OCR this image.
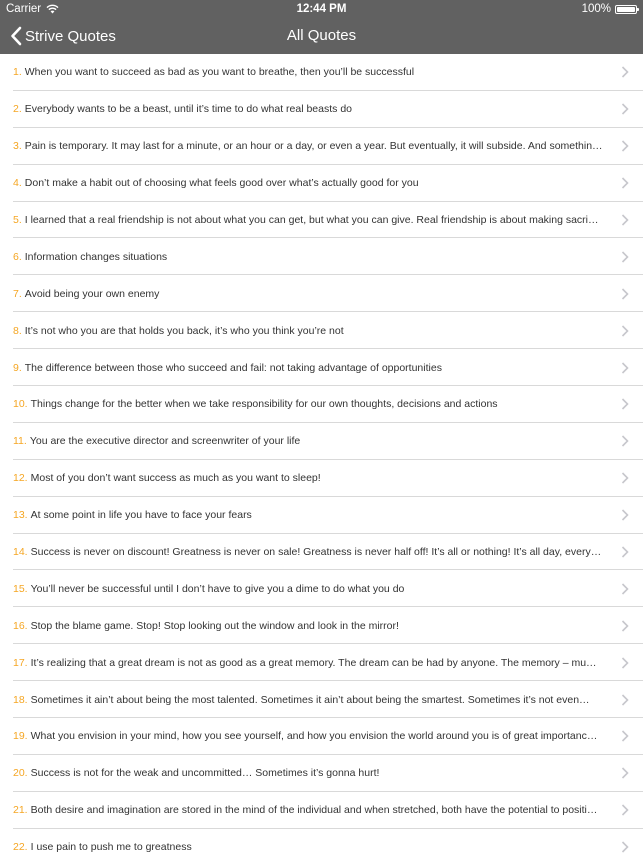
Carrier	12:44 PM	100%
Strive Quotes	All Quotes
1. When you want to succeed as bad as you want to breathe, then you’ll be successful
2. Everybody wants to be a beast, until it’s time to do what real beasts do
3. Pain is temporary. It may last for a minute, or an hour or a day, or even a year. But eventually, it will subside. And somethin…
4. Don’t make a habit out of choosing what feels good over what’s actually good for you
5. I learned that a real friendship is not about what you can get, but what you can give. Real friendship is about making sacri…
6. Information changes situations
7. Avoid being your own enemy
8. It’s not who you are that holds you back, it’s who you think you’re not
9. The difference between those who succeed and fail: not taking advantage of opportunities
10. Things change for the better when we take responsibility for our own thoughts, decisions and actions
11. You are the executive director and screenwriter of your life
12. Most of you don’t want success as much as you want to sleep!
13. At some point in life you have to face your fears
14. Success is never on discount! Greatness is never on sale! Greatness is never half off! It’s all or nothing! It’s all day, every…
15. You’ll never be successful until I don’t have to give you a dime to do what you do
16. Stop the blame game. Stop! Stop looking out the window and look in the mirror!
17. It’s realizing that a great dream is not as good as a great memory. The dream can be had by anyone. The memory – mu…
18. Sometimes it ain’t about being the most talented. Sometimes it ain’t about being the smartest. Sometimes it’s not even…
19. What you envision in your mind, how you see yourself, and how you envision the world around you is of great importanc…
20. Success is not for the weak and uncommitted… Sometimes it’s gonna hurt!
21. Both desire and imagination are stored in the mind of the individual and when stretched, both have the potential to positi…
22. I use pain to push me to greatness
